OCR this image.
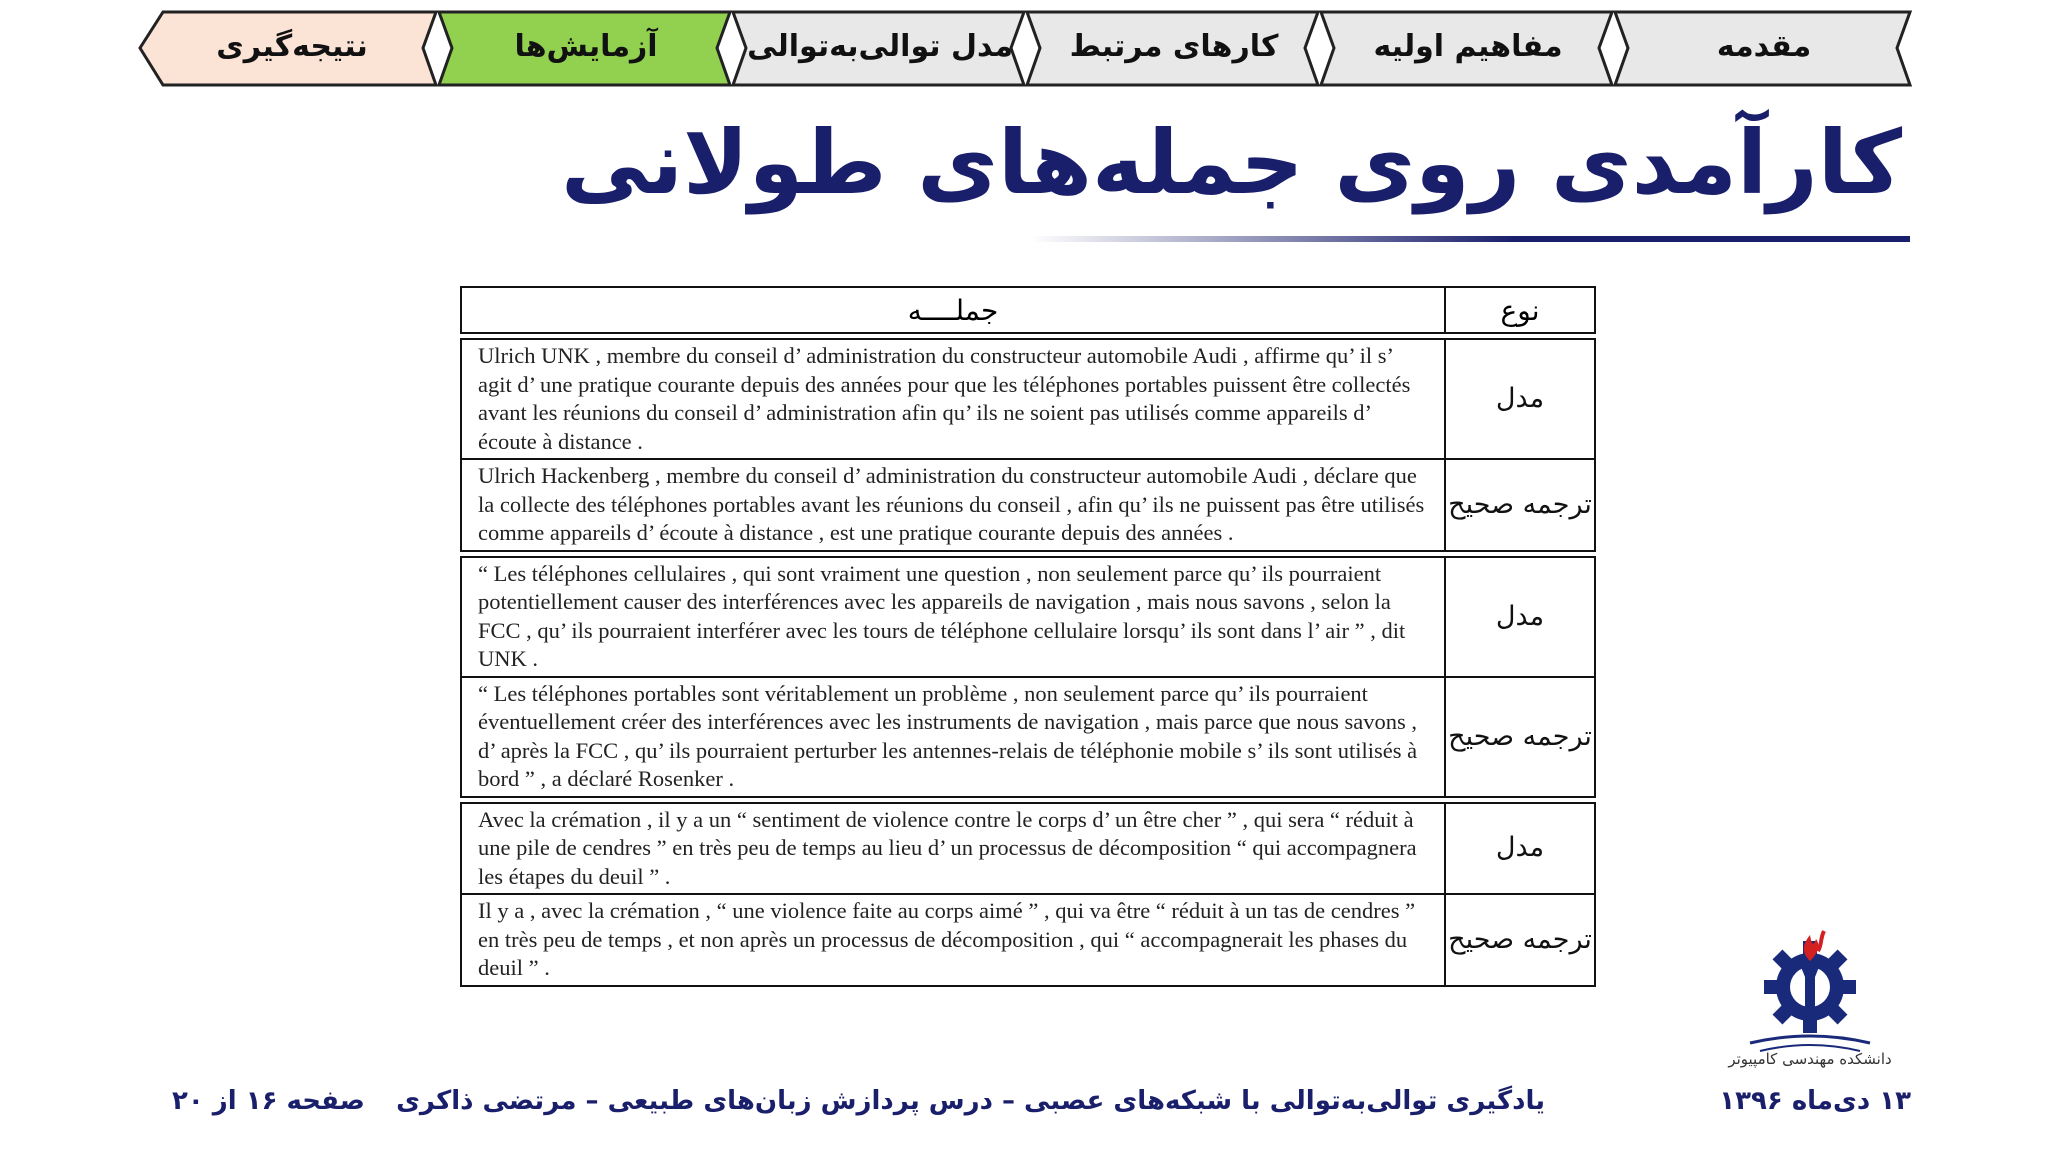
مقدمه
مفاهیم اولیه
کارهای مرتبط
مدل توالی‌به‌توالی
آزمایش‌ها
نتیجه‌گیری
کارآمدی روی جمله‌های طولانی
جملــــه	نوع
Ulrich UNK , membre du conseil d’ administration du constructeur automobile Audi , affirme qu’ il s’ agit d’ une pratique courante depuis des années pour que les téléphones portables puissent être collectés avant les réunions du conseil d’ administration afin qu’ ils ne soient pas utilisés comme appareils d’ écoute à distance .
مدل
Ulrich Hackenberg , membre du conseil d’ administration du constructeur automobile Audi , déclare que la collecte des téléphones portables avant les réunions du conseil , afin qu’ ils ne puissent pas être utilisés comme appareils d’ écoute à distance , est une pratique courante depuis des années .
ترجمه صحیح
“ Les téléphones cellulaires , qui sont vraiment une question , non seulement parce qu’ ils pourraient potentiellement causer des interférences avec les appareils de navigation , mais nous savons , selon la FCC , qu’ ils pourraient interférer avec les tours de téléphone cellulaire lorsqu’ ils sont dans l’ air ” , dit UNK .
مدل
“ Les téléphones portables sont véritablement un problème , non seulement parce qu’ ils pourraient éventuellement créer des interférences avec les instruments de navigation , mais parce que nous savons , d’ après la FCC , qu’ ils pourraient perturber les antennes-relais de téléphonie mobile s’ ils sont utilisés à bord ” , a déclaré Rosenker .
ترجمه صحیح
Avec la crémation , il y a un “ sentiment de violence contre le corps d’ un être cher ” , qui sera “ réduit à une pile de cendres ” en très peu de temps au lieu d’ un processus de décomposition “ qui accompagnera les étapes du deuil ” .
مدل
Il y a , avec la crémation , “ une violence faite au corps aimé ” , qui va être “ réduit à un tas de cendres ” en très peu de temps , et non après un processus de décomposition , qui “ accompagnerait les phases du deuil ” .
ترجمه صحیح
دانشکده مهندسی کامپیوتر
۱۳ دی‌ماه ۱۳۹۶
یادگیری توالی‌به‌توالی با شبکه‌های عصبی – درس پردازش زبان‌های طبیعی – مرتضی ذاکری
صفحه ۱۶ از ۲۰
